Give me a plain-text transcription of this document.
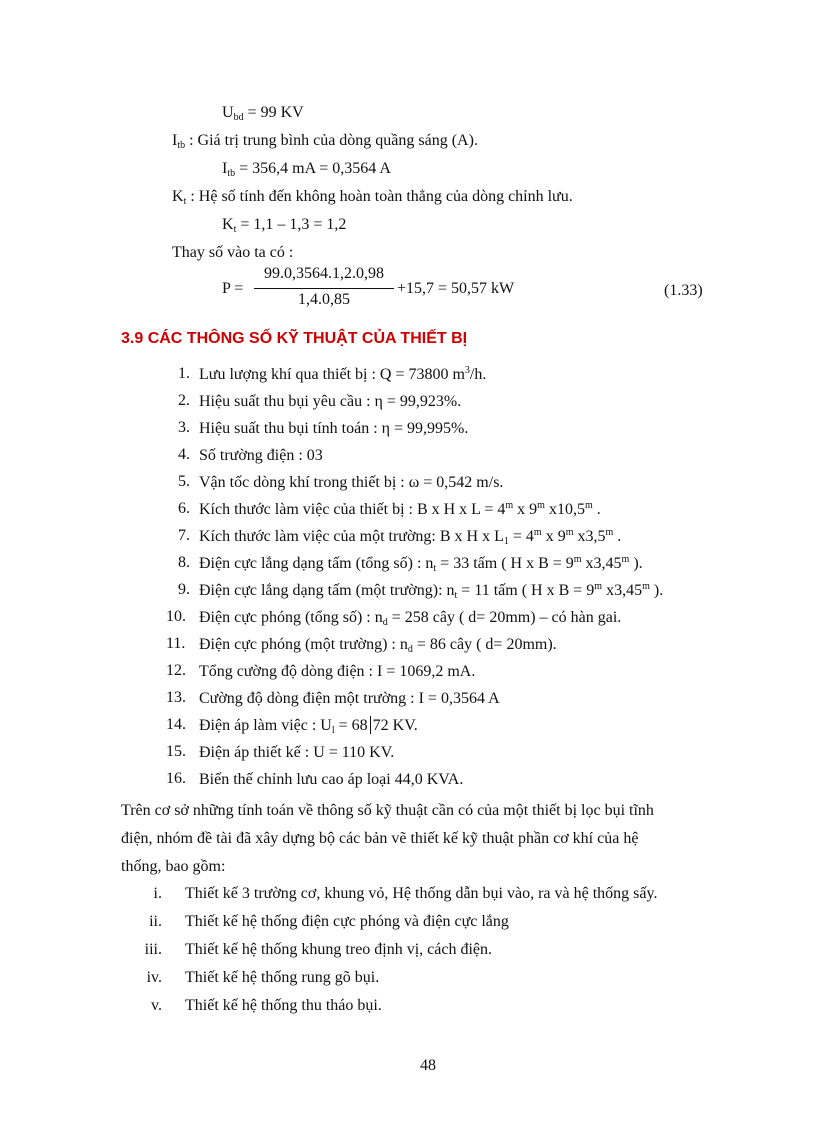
$U_{bd} = 99$ KV
$I_{tb}$ : Giá trị trung bình của dòng quầng sáng (A).
$I_{tb} = 356,4$ mA = 0,3564 A
$K_t$ : Hệ số tính đến không hoàn toàn thẳng của dòng chỉnh lưu.
$K_t = 1,1 - 1,3 = 1,2$
Thay số vào ta có :
P =
99.0,3564.1,2.0,98
1,4.0,85
+15,7 = 50,57 kW	(1.33)
3.9 CÁC THÔNG SỐ KỸ THUẬT CỦA THIẾT BỊ
1. Lưu lượng khí qua thiết bị : Q = 73800 $m^3/h$.
2. Hiệu suất thu bụi yêu cầu : η = 99,923%.
3. Hiệu suất thu bụi tính toán : η = 99,995%.
4. Số trường điện : 03
5. Vận tốc dòng khí trong thiết bị : ω = 0,542 m/s.
6. Kích thước làm việc của thiết bị : B x H x $L = 4^m$ x 9$^m$ x10,5$^m$ .
7. Kích thước làm việc của một trường: B x H x $L_1 = 4^m$ x 9$^m$ x3,5$^m$ .
8. Điện cực lắng dạng tấm (tổng số) : $n_t = 33$ tấm ( H x $B = 9^m$ x3,45$^m$ ).
9. Điện cực lắng dạng tấm (một trường): $n_t = 11$ tấm ( H x $B = 9^m$ x3,45$^m$ ).
10. Điện cực phóng (tổng số) : $n_d = 258$ cây ( d= 20mm) – có hàn gai.
11. Điện cực phóng (một trường) : $n_d = 86$ cây ( d= 20mm).
12. Tổng cường độ dòng điện : I = 1069,2 mA.
13. Cường độ dòng điện một trường : I = 0,3564 A
14. Điện áp làm việc : $U_l = 68$ 72 KV.
15. Điện áp thiết kế : U = 110 KV.
16. Biến thế chỉnh lưu cao áp loại 44,0 KVA.
Trên cơ sở những tính toán về thông số kỹ thuật cần có của một thiết bị lọc bụi tĩnh
điện, nhóm đề tài đã xây dựng bộ các bản vẽ thiết kế kỹ thuật phần cơ khí của hệ
thống, bao gồm:
i. Thiết kế 3 trường cơ, khung vỏ, Hệ thống dẫn bụi vào, ra và hệ thống sấy.
ii. Thiết kế hệ thống điện cực phóng và điện cực lắng
iii. Thiết kế hệ thống khung treo định vị, cách điện.
iv. Thiết kế hệ thống rung gõ bụi.
v. Thiết kế hệ thống thu tháo bụi.
48
